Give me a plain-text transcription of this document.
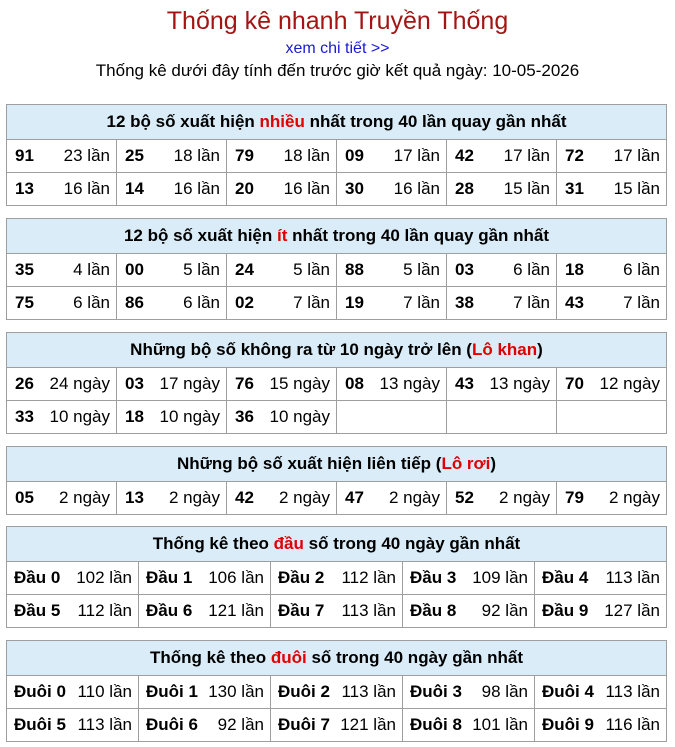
Thống kê nhanh Truyền Thống
xem chi tiết >>
Thống kê dưới đây tính đến trước giờ kết quả ngày: 10-05-2026
12 bộ số xuất hiện nhiều nhất trong 40 lần quay gần nhất					
91 23 lần	25 18 lần	79 18 lần	09 17 lần	42 17 lần	72 17 lần

13 16 lần	14 16 lần	20 16 lần	30 16 lần	28 15 lần	31 15 lần
12 bộ số xuất hiện ít nhất trong 40 lần quay gần nhất					
35 4 lần	00 5 lần	24 5 lần	88 5 lần	03 6 lần	18 6 lần

75 6 lần	86 6 lần	02 7 lần	19 7 lần	38 7 lần	43 7 lần
Những bộ số không ra từ 10 ngày trở lên (Lô khan)					
26 24 ngày	03 17 ngày	76 15 ngày	08 13 ngày	43 13 ngày	70 12 ngày

33 10 ngày	18 10 ngày	36 10 ngày			

Những bộ số xuất hiện liên tiếp (Lô rơi)
05 2 ngày	13 2 ngày	42 2 ngày	47 2 ngày	52 2 ngày	79 2 ngày
Thống kê theo đầu số trong 40 ngày gần nhất				
Đầu 0 102 lần	Đầu 1 106 lần	Đầu 2 112 lần	Đầu 3 109 lần	Đầu 4 113 lần

Đầu 5 112 lần	Đầu 6 121 lần	Đầu 7 113 lần	Đầu 8 92 lần	Đầu 9 127 lần
Thống kê theo đuôi số trong 40 ngày gần nhất				
Đuôi 0 110 lần	Đuôi 1 130 lần	Đuôi 2 113 lần	Đuôi 3 98 lần	Đuôi 4 113 lần

Đuôi 5 113 lần	Đuôi 6 92 lần	Đuôi 7 121 lần	Đuôi 8 101 lần	Đuôi 9 116 lần
